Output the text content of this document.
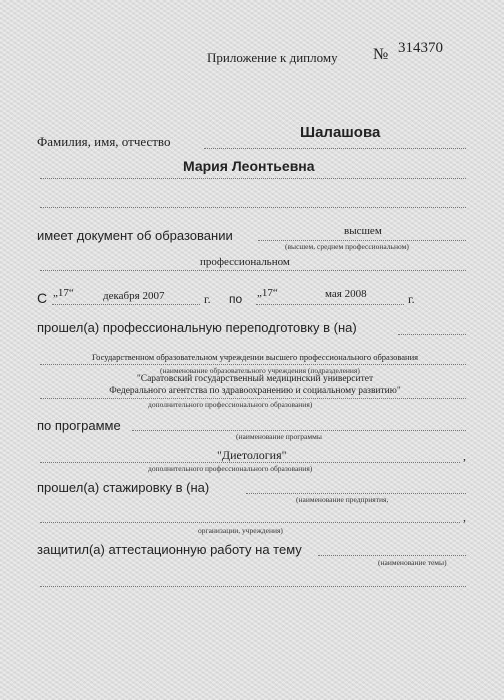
Приложение к диплому № 314370
Фамилия, имя, отчество
Шалашова
Мария Леонтьевна
имеет документ об образовании	высшем
(высшем, среднем профессиональном)
профессиональном
С „17“	декабря 2007	г. по „17“	мая 2008	г.
прошел(а) профессиональную переподготовку в (на)
Государственном образовательном учреждении высшего профессионального образования
(наименование образовательного учреждения (подразделения)
"Саратовский государственный медицинский университет
Федерального агентства по здравоохранению и социальному развитию"
дополнительного профессионального образования)
по программе
(наименование программы
"Диетология"	,
дополнительного профессионального образования)
прошел(а) стажировку в (на)
(наименование предприятия,
,
организации, учреждения)
защитил(а) аттестационную работу на тему
(наименование темы)
